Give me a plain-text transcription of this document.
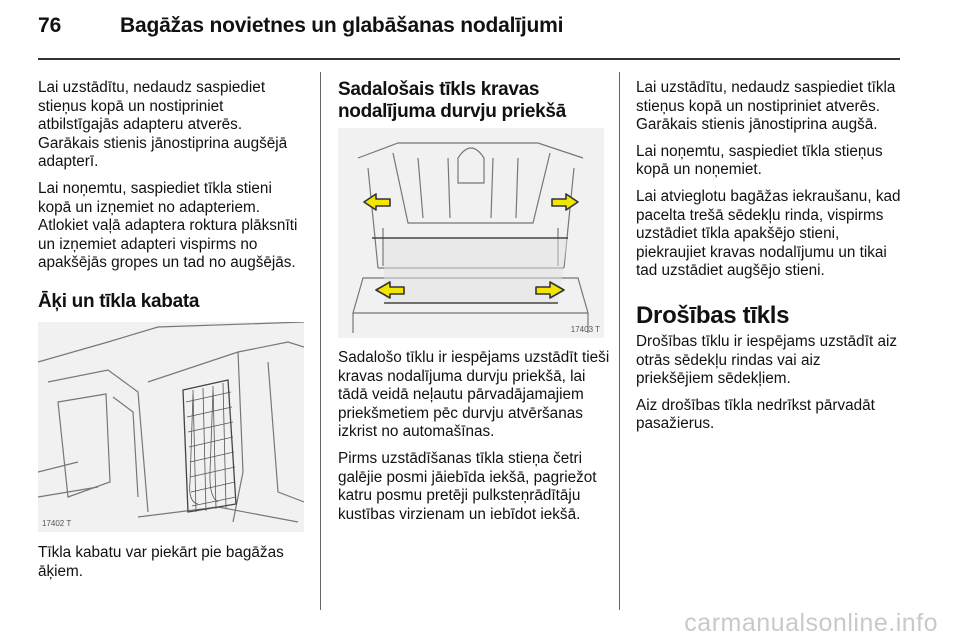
76	Bagāžas novietnes un glabāšanas nodalījumi

Lai uzstādītu, nedaudz saspiediet stieņus kopā un nostipriniet atbilstīgajās adapteru atverēs. Garākais stienis jānostiprina augšējā adapterī.

Lai noņemtu, saspiediet tīkla stieni kopā un izņemiet no adapteriem. Atlokiet vaļā adaptera roktura plāksnīti un izņemiet adapteri vispirms no apakšējās gropes un tad no augšējās.

Āķi un tīkla kabata
17402 T

Tīkla kabatu var piekārt pie bagāžas āķiem.

Sadalošais tīkls kravas nodalījuma durvju priekšā
17403 T

Sadalošo tīklu ir iespējams uzstādīt tieši kravas nodalījuma durvju priekšā, lai tādā veidā neļautu pārvadājamajiem priekšmetiem pēc durvju atvēršanas izkrist no automašīnas.

Pirms uzstādīšanas tīkla stieņa četri galējie posmi jāiebīda iekšā, pagriežot katru posmu pretēji pulksteņrādītāju kustības virzienam un iebīdot iekšā.

Lai uzstādītu, nedaudz saspiediet tīkla stieņus kopā un nostipriniet atverēs. Garākais stienis jānostiprina augšā.

Lai noņemtu, saspiediet tīkla stieņus kopā un noņemiet.

Lai atvieglotu bagāžas iekraušanu, kad pacelta trešā sēdekļu rinda, vispirms uzstādiet tīkla apakšējo stieni, piekraujiet kravas nodalījumu un tikai tad uzstādiet augšējo stieni.

Drošības tīkls

Drošības tīklu ir iespējams uzstādīt aiz otrās sēdekļu rindas vai aiz priekšējiem sēdekļiem.

Aiz drošības tīkla nedrīkst pārvadāt pasažierus.

carmanualsonline.info
